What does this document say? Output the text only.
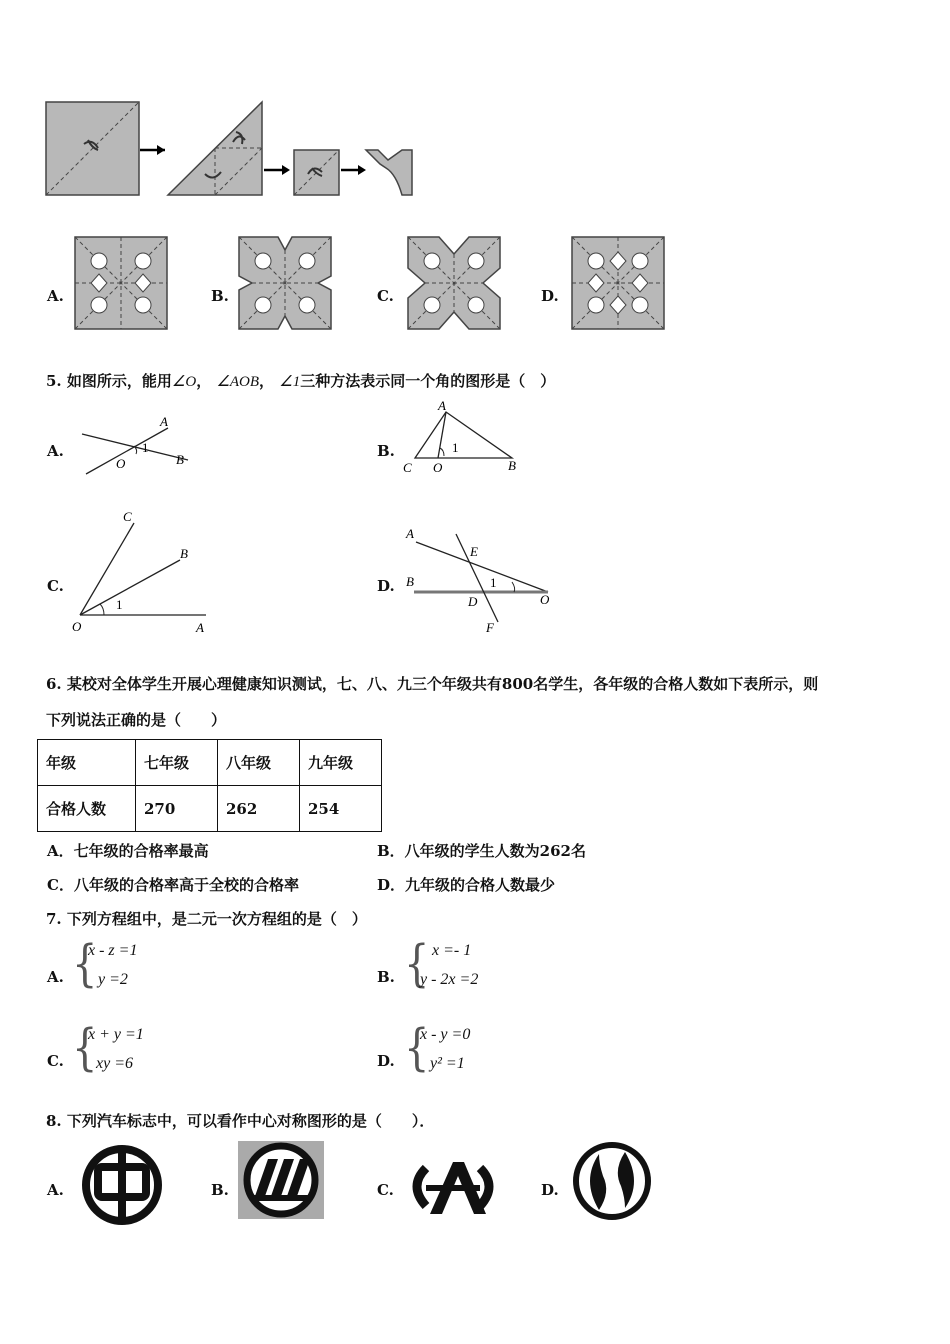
A.	B.	C.	D.
5. 如图所示，能用∠O， ∠AOB， ∠1三种方法表示同一个角的图形是（　）
A.
A
1
O	B	B.
A
1
C O	B
C.
C
B
1
O	A
D.
A
E
B	1
D	O
F
6. 某校对全体学生开展心理健康知识测试，七、八、九三个年级共有800名学生，各年级的合格人数如下表所示，则
下列说法正确的是（　　）
年级	七年级	八年级	九年级
合格人数	270	262	254
A．七年级的合格率最高	B．八年级的学生人数为262名
C．八年级的合格率高于全校的合格率	D．九年级的合格人数最少
7. 下列方程组中，是二元一次方程组的是（　）
A. {
x - z =1
y =2	B. { x =- 1
y - 2x =2
C. {
x + y =1
xy =6	D. {
x - y =0
y² =1
8. 下列汽车标志中，可以看作中心对称图形的是（　　）．
A.	B.	C.	D.
